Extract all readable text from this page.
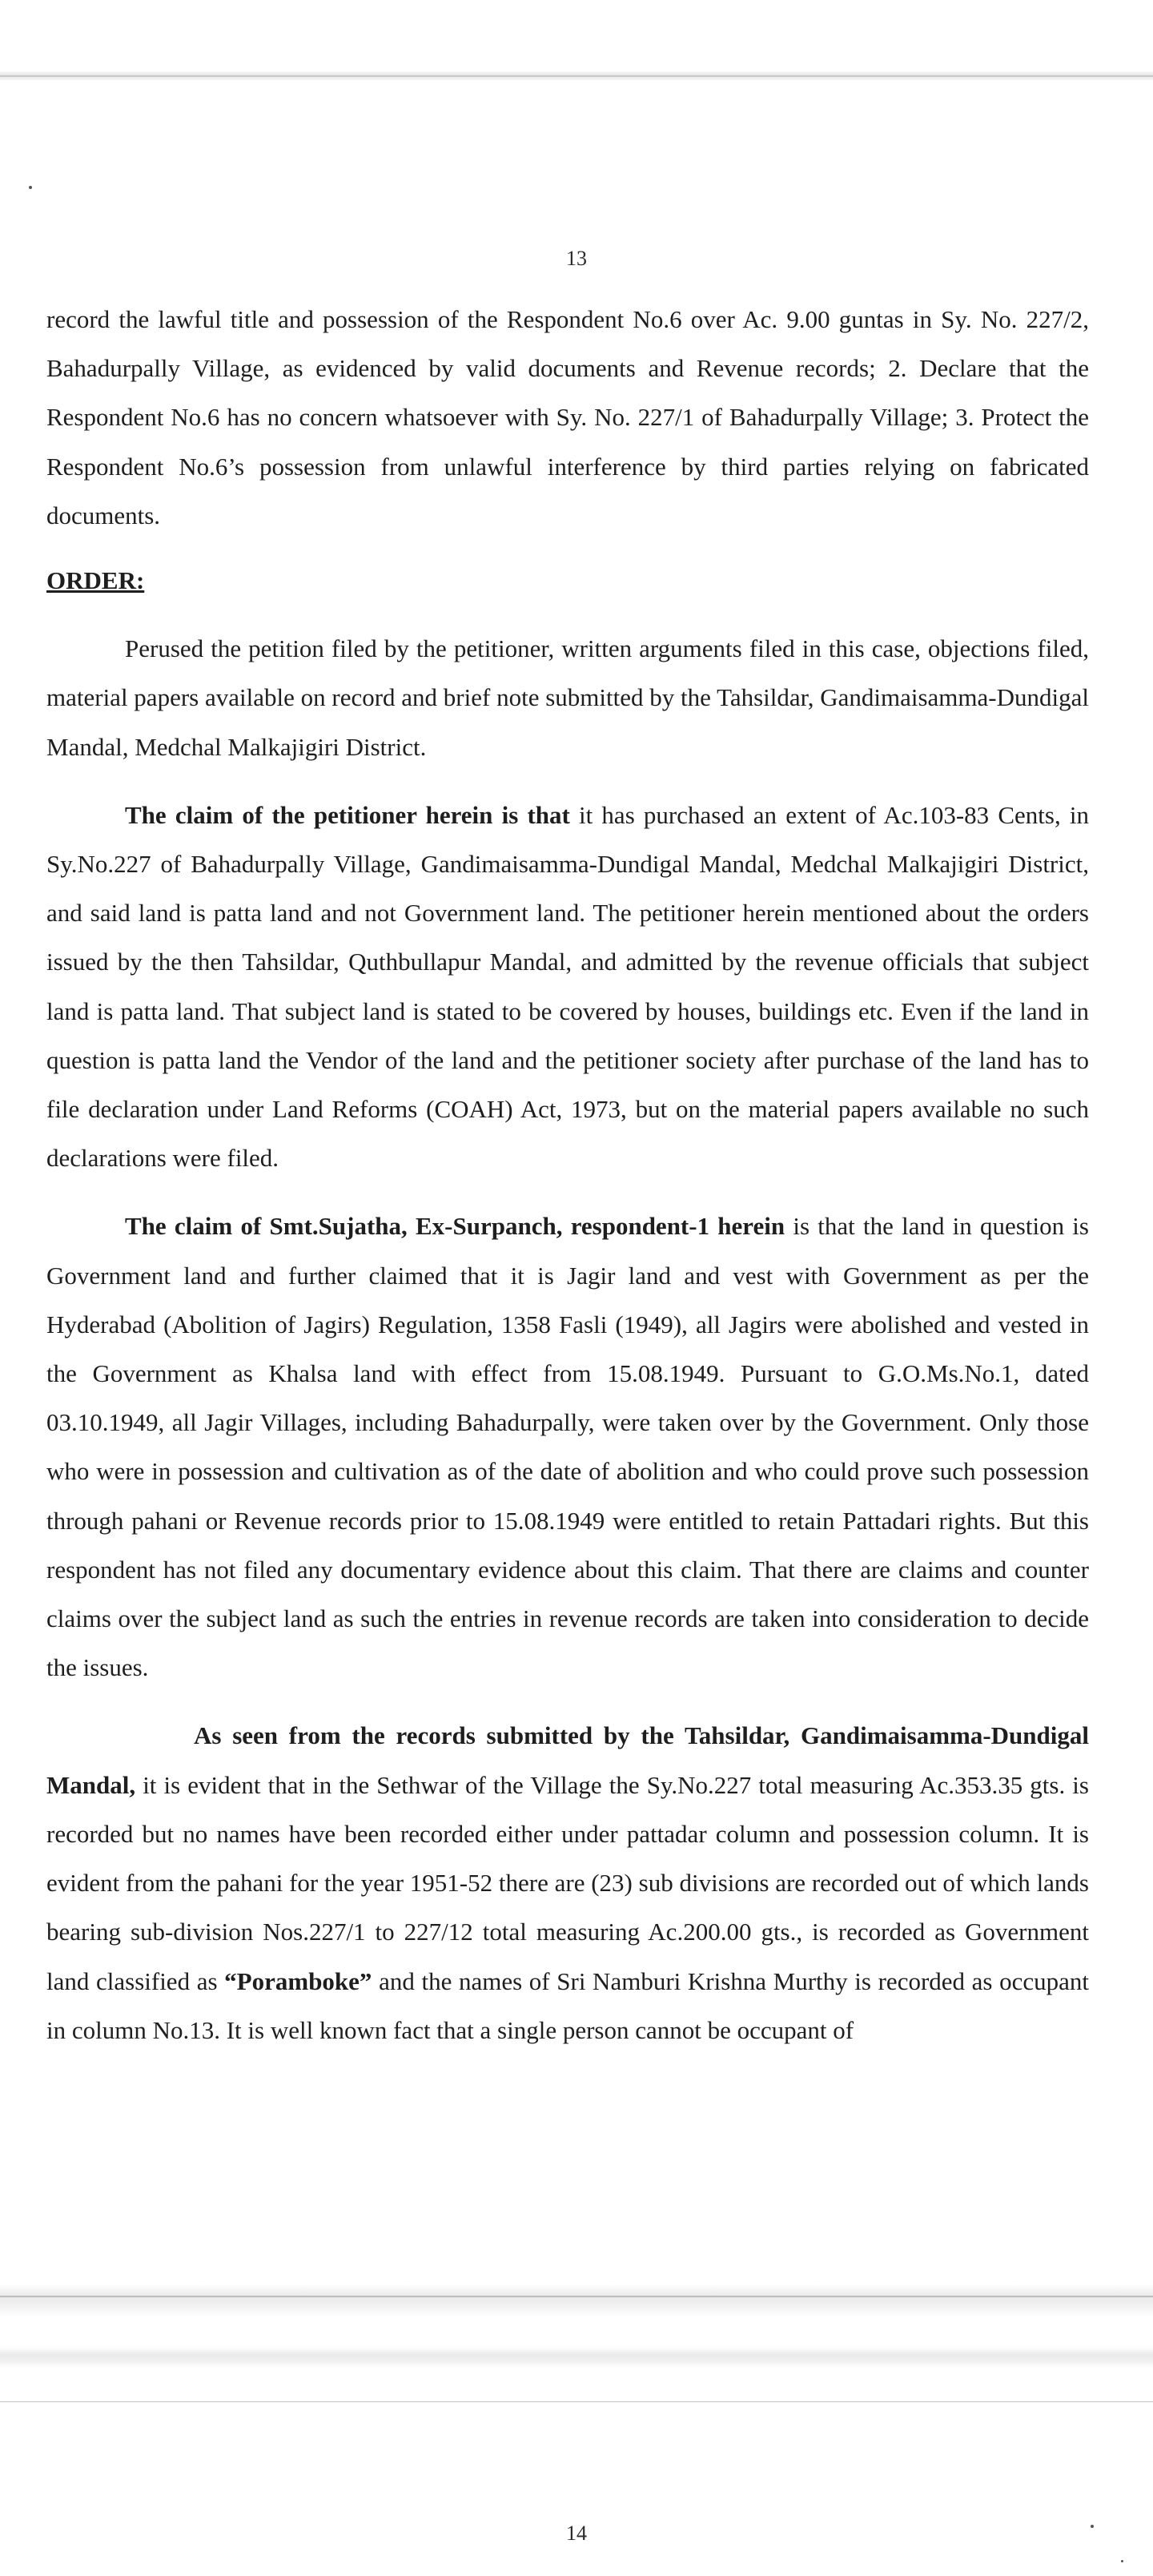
13

record the lawful title and possession of the Respondent No.6 over Ac. 9.00 guntas in Sy. No. 227/2, Bahadurpally Village, as evidenced by valid documents and Revenue records; 2. Declare that the Respondent No.6 has no concern whatsoever with Sy. No. 227/1 of Bahadurpally Village; 3. Protect the Respondent No.6’s possession from unlawful interference by third parties relying on fabricated documents.

ORDER:

Perused the petition filed by the petitioner, written arguments filed in this case, objections filed, material papers available on record and brief note submitted by the Tahsildar, Gandimaisamma-Dundigal Mandal, Medchal Malkajigiri District.

The claim of the petitioner herein is that it has purchased an extent of Ac.103-83 Cents, in Sy.No.227 of Bahadurpally Village, Gandimaisamma-Dundigal Mandal, Medchal Malkajigiri District, and said land is patta land and not Government land. The petitioner herein mentioned about the orders issued by the then Tahsildar, Quthbullapur Mandal, and admitted by the revenue officials that subject land is patta land. That subject land is stated to be covered by houses, buildings etc. Even if the land in question is patta land the Vendor of the land and the petitioner society after purchase of the land has to file declaration under Land Reforms (COAH) Act, 1973, but on the material papers available no such declarations were filed.

The claim of Smt.Sujatha, Ex-Surpanch, respondent-1 herein is that the land in question is Government land and further claimed that it is Jagir land and vest with Government as per the Hyderabad (Abolition of Jagirs) Regulation, 1358 Fasli (1949), all Jagirs were abolished and vested in the Government as Khalsa land with effect from 15.08.1949. Pursuant to G.O.Ms.No.1, dated 03.10.1949, all Jagir Villages, including Bahadurpally, were taken over by the Government. Only those who were in possession and cultivation as of the date of abolition and who could prove such possession through pahani or Revenue records prior to 15.08.1949 were entitled to retain Pattadari rights. But this respondent has not filed any documentary evidence about this claim. That there are claims and counter claims over the subject land as such the entries in revenue records are taken into consideration to decide the issues.

As seen from the records submitted by the Tahsildar, Gandimaisamma-Dundigal Mandal, it is evident that in the Sethwar of the Village the Sy.No.227 total measuring Ac.353.35 gts. is recorded but no names have been recorded either under pattadar column and possession column. It is evident from the pahani for the year 1951-52 there are (23) sub divisions are recorded out of which lands bearing sub-division Nos.227/1 to 227/12 total measuring Ac.200.00 gts., is recorded as Government land classified as “Poramboke” and the names of Sri Namburi Krishna Murthy is recorded as occupant in column No.13. It is well known fact that a single person cannot be occupant of

14
